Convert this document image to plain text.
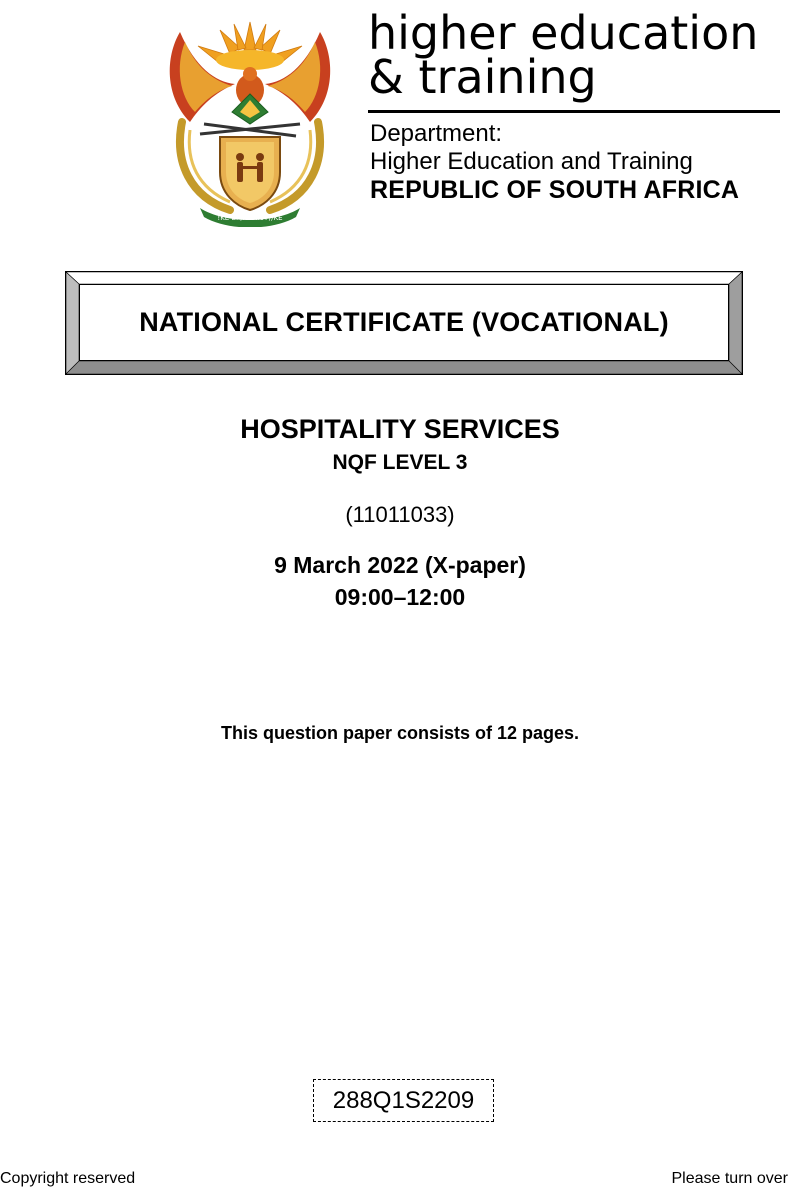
!KE E: /XARRA //KE
higher education
& training
Department:
Higher Education and Training
REPUBLIC OF SOUTH AFRICA
NATIONAL CERTIFICATE (VOCATIONAL)
HOSPITALITY SERVICES
NQF LEVEL 3
(11011033)
9 March 2022 (X-paper)
09:00–12:00
This question paper consists of 12 pages.
288Q1S2209
Copyright reserved	Please turn over
